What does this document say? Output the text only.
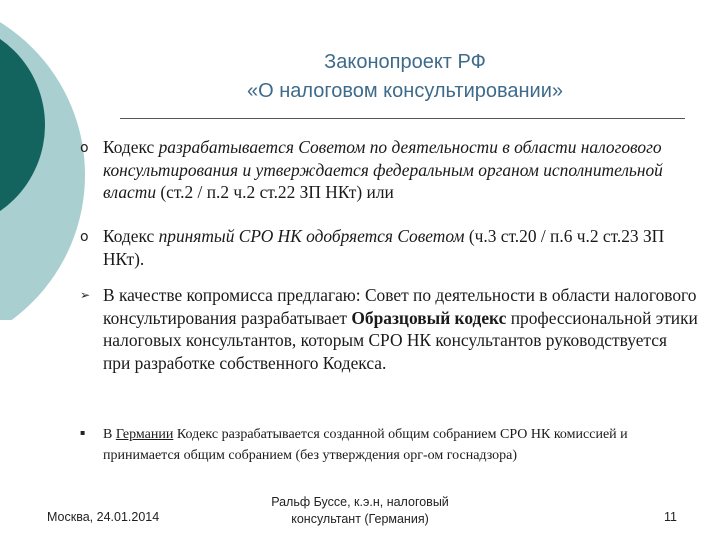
Законопроект РФ
«О налоговом консультировании»
o Кодекс разрабатывается Советом по деятельности в области налогового консультирования и утверждается федеральным органом исполнительной власти (ст.2 / п.2 ч.2 ст.22 ЗП НКт) или
o Кодекс принятый СРО НК одобряется Советом (ч.3 ст.20 / п.6 ч.2 ст.23 ЗП НКт).
➢ В качестве копромисса предлагаю: Совет по деятельности в области налогового консультирования разрабатывает Образцовый кодекс профессиональной этики налоговых консультантов, которым СРО НК консультантов руководствуется при разработке собственного Кодекса.
▪ В Германии Кодекс разрабатывается созданной общим собранием СРО НК комиссией и принимается общим собранием (без утверждения орг-ом госнадзора)
Москва, 24.01.2014
Ральф Буссе, к.э.н, налоговый
консультант (Германия)	11
